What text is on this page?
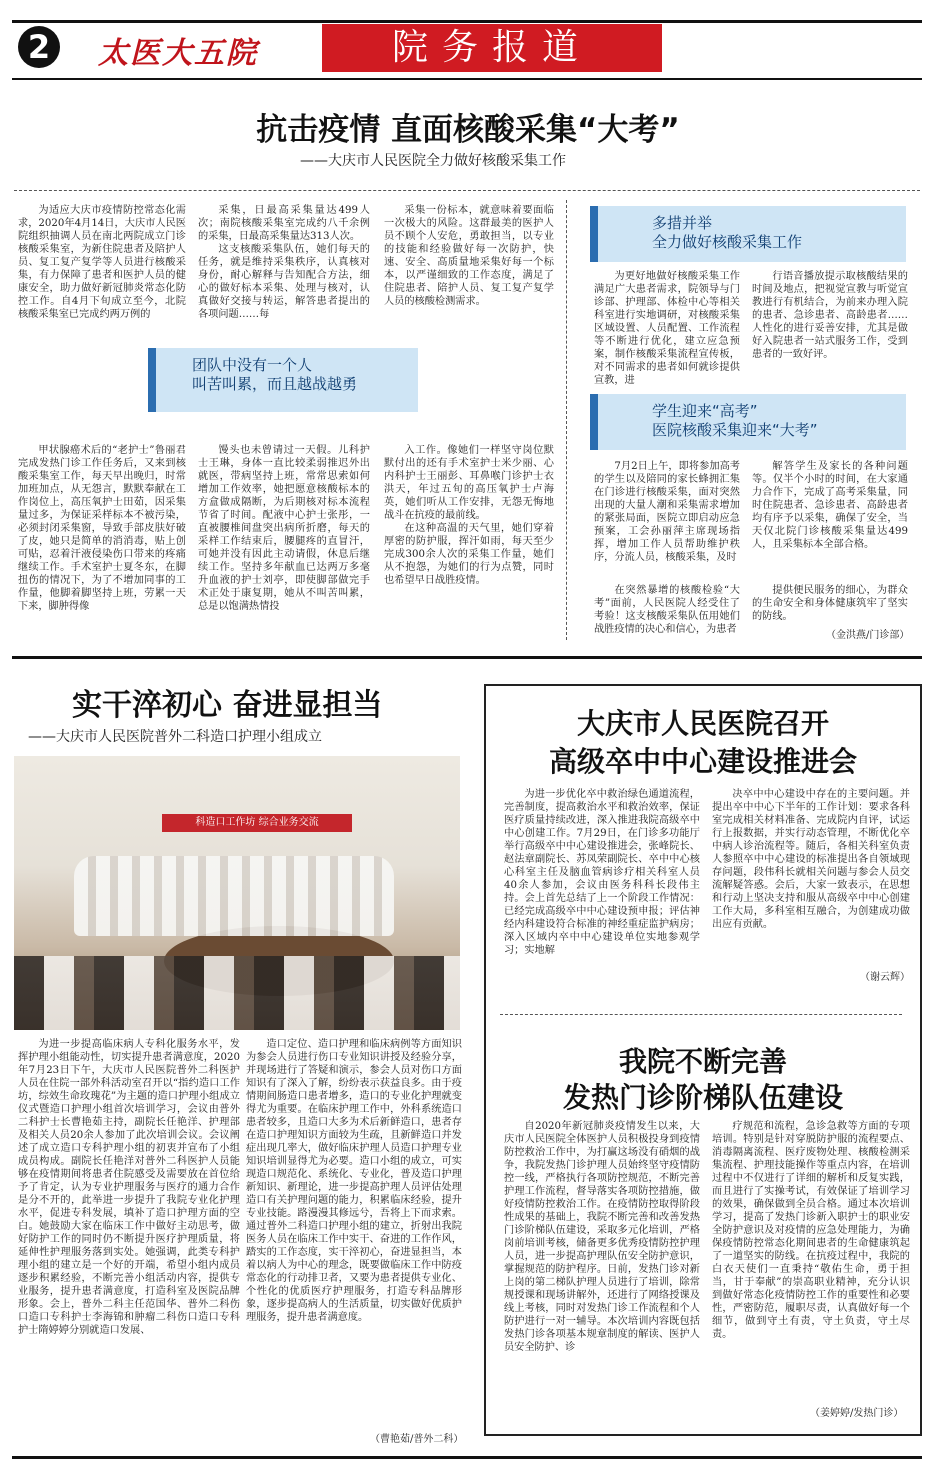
2	太医大五院	院务报道
抗击疫情 直面核酸采集“大考”
——大庆市人民医院全力做好核酸采集工作

为适应大庆市疫情防控常态化需求，2020年4月14日，大庆市人民医院组织抽调人员在南北两院成立门诊核酸采集室，为新住院患者及陪护人员、复工复产复学等人员进行核酸采集，有力保障了患者和医护人员的健康安全，助力做好新冠肺炎常态化防控工作。自4月下旬成立至今，北院核酸采集室已完成约两万例的

采集，日最高采集量达499人次；南院核酸采集室完成约八千余例的采集，日最高采集量达313人次。

这支核酸采集队伍，她们每天的任务，就是维持采集秩序，认真核对身份，耐心解释与告知配合方法，细心的做好标本采集、处理与核对，认真做好交接与转运，解答患者提出的各项问题……每

采集一份标本，就意味着要面临一次极大的风险。这群最美的医护人员不顾个人安危，勇敢担当，以专业的技能和经验做好每一次防护，快速、安全、高质量地采集好每一个标本，以严谨细致的工作态度，满足了住院患者、陪护人员、复工复产复学人员的核酸检测需求。

团队中没有一个人
叫苦叫累，而且越战越勇

甲状腺癌术后的“老护士”鲁丽君完成发热门诊工作任务后，又来到核酸采集室工作，每天早出晚归，时常加班加点，从无怨言，默默奉献在工作岗位上，高压氧护士田茹，因采集量过多，为保证采样标本不被污染，必须封闭采集窗，导致手部皮肤好破了皮，她只是简单的消消毒，贴上创可贴，忍着汗液侵染伤口带来的疼痛继续工作。手术室护士夏冬东，在脚扭伤的情况下，为了不增加同事的工作量，他脚着脚坚持上班，劳累一天下来，脚肿得像

馒头也未曾请过一天假。儿科护士王琳，身体一直比较柔弱推迟外出就医，带病坚持上班，常常思索如何增加工作效率，她把愿意核酸标本的方盒做成隔断，为后期核对标本流程节省了时间。配液中心护士张彤，一直被腰椎间盘突出病所折磨，每天的采样工作结束后，腰腿疼的直冒汗，可她并没有因此主动请假，休息后继续工作。坚持多年献血已达两万多毫升血液的护士刘亭，即使脚部做完手术正处于康复期，她从不叫苦叫累，总是以饱满热情投

入工作。像她们一样坚守岗位默默付出的还有手术室护士米少丽、心内科护士王丽彭、耳鼻喉门诊护士衣洪天，年过五旬的高压氧护士卢海英，她们听从工作安排，无怨无悔地战斗在抗疫的最前线。

在这种高温的天气里，她们穿着厚密的防护服，挥汗如雨，每天至少完成300余人次的采集工作量，她们从不抱怨，为她们的行为点赞，同时也希望早日战胜疫情。

多措并举
全力做好核酸采集工作

为更好地做好核酸采集工作满足广大患者需求，院领导与门诊部、护理部、体检中心等相关科室进行实地调研，对核酸采集区域设置、人员配置、工作流程等不断进行优化，建立应急预案，制作核酸采集流程宣传板，对不同需求的患者如何就诊提供宣教，进

行语音播放提示取核酸结果的时间及地点，把视觉宣教与听觉宣教进行有机结合，为前来办理入院的患者、急诊患者、高龄患者……人性化的进行妥善安排，尤其是做好入院患者一站式服务工作，受到患者的一致好评。

学生迎来“高考”
医院核酸采集迎来“大考”

7月2日上午，即将参加高考的学生以及陪同的家长蜂拥汇集在门诊进行核酸采集，面对突然出现的大量人潮和采集需求增加的紧张局面，医院立即启动应急预案，工会孙丽萍主席现场指挥，增加工作人员帮助维护秩序，分流人员，核酸采集，及时

解答学生及家长的各种问题等。仅半个小时的时间，在大家通力合作下，完成了高考采集量，同时住院患者、急诊患者、高龄患者均有序予以采集，确保了安全，当天仅北院门诊核酸采集量达499人，且采集标本全部合格。

在突然暴增的核酸检验“大考”面前，人民医院人经受住了考验！这支核酸采集队伍用她们战胜疫情的决心和信心，为患者

提供便民服务的细心，为群众的生命安全和身体健康筑牢了坚实的防线。

（金洪燕/门诊部）
实干淬初心 奋进显担当
——大庆市人民医院普外二科造口护理小组成立
科造口工作坊 综合业务交流

为进一步提高临床病人专科化服务水平，发挥护理小组能动性，切实提升患者满意度，2020年7月23日下午，大庆市人民医院普外二科医护人员在住院一部外科活动室召开以“指约造口工作坊，综效生命玫瑰花”为主题的造口护理小组成立仪式暨造口护理小组首次培训学习，会议由普外二科护士长曹艳茹主持，副院长任艳洋、护理部及相关人员20余人参加了此次培训会议。会议阐述了成立造口专科护理小组的初衷并宣布了小组成员构成。副院长任艳洋对普外二科医护人员能够在疫情期间将患者住院感受及需要放在首位给予了肯定，认为专业护理服务与医疗的通力合作是分不开的，此举进一步提升了我院专业化护理水平，促进专科发展，填补了造口护理方面的空白。她鼓励大家在临床工作中做好主动思考，做好防护工作的同时仍不断提升医疗护理质量，将延伸性护理服务落到实处。她强调，此类专科护理小组的建立是一个好的开端，希望小组内成员逐步积累经验，不断完善小组活动内容，提供专业服务，提升患者满意度，打造科室及医院品牌形象。会上，普外二科主任范国华、普外二科伤口造口专科护士李海锦和肿瘤二科伤口造口专科护士隋婷婷分别就造口发展、

造口定位、造口护理和临床病例等方面知识为参会人员进行伤口专业知识讲授及经验分享，并现场进行了答疑和演示，参会人员对伤口方面知识有了深入了解，纷纷表示获益良多。由于疫情期间肠造口患者增多，造口的专业化护理就变得尤为重要。在临床护理工作中，外科系统造口患者较多，且造口大多为术后新鲜造口，患者存在造口护理知识方面较为生疏，且新鲜造口并发症出现几率大，做好临床护理人员造口护理专业知识培训显得尤为必要。造口小组的成立，可实现造口规范化、系统化、专业化，普及造口护理新知识、新理论，进一步提高护理人员评估处理造口有关护理问题的能力，积累临床经验，提升专业技能。路漫漫其修远兮，吾将上下而求索。通过普外二科造口护理小组的建立，折射出我院医务人员在临床工作中实干、奋进的工作作风，踏实的工作态度，实干淬初心，奋进显担当，本着以病人为中心的理念，既要做临床工作中防疫常态化的行动排卫者，又要为患者提供专业化、个性化的优质医疗护理服务，打造专科品牌形象，逐步提高病人的生活质量，切实做好优质护理服务，提升患者满意度。

（曹艳茹/普外二科）
大庆市人民医院召开
高级卒中中心建设推进会

为进一步优化卒中救治绿色通道流程，完善制度，提高救治水平和救治效率，保证医疗质量持续改进，深入推进我院高级卒中中心创建工作。7月29日，在门诊多功能厅举行高级卒中中心建设推进会，张峰院长、赵法章副院长、苏凤荣副院长、卒中中心核心科室主任及脑血管病诊疗相关科室人员40余人参加，会议由医务科科长段伟主持。会上首先总结了上一个阶段工作情况：已经完成高级卒中中心建设预申报；评估神经内科建设符合标准的神经重症监护病房；深入区域内卒中中心建设单位实地参观学习；实地解

决卒中中心建设中存在的主要问题。并提出卒中中心下半年的工作计划：要求各科室完成相关材料准备、完成院内自评，试运行上报数据，并实行动态管理，不断优化卒中病人诊治流程等。随后，各相关科室负责人参照卒中中心建设的标准提出各自领域现存问题，段伟科长就相关问题与参会人员交流解疑答惑。会后，大家一致表示，在思想和行动上坚决支持和服从高级卒中中心创建工作大局，多科室相互融合，为创建成功做出应有贡献。

（谢云辉）
我院不断完善
发热门诊阶梯队伍建设

自2020年新冠肺炎疫情发生以来，大庆市人民医院全体医护人员积极投身到疫情防控救治工作中，为打赢这场没有硝烟的战争，我院发热门诊护理人员始终坚守疫情防控一线，严格执行各项防控规范，不断完善护理工作流程，督导落实各项防控措施，做好疫情防控救治工作。在疫情防控取得阶段性成果的基础上，我院不断完善和改善发热门诊阶梯队伍建设，采取多元化培训，严格岗前培训考核，储备更多优秀疫情防控护理人员，进一步提高护理队伍安全防护意识，掌握规范的防护程序。日前，发热门诊对新上岗的第二梯队护理人员进行了培训，除常规授课和现场讲解外，还进行了网络授课及线上考核，同时对发热门诊工作流程和个人防护进行一对一辅导。本次培训内容既包括发热门诊各项基本规章制度的解读、医护人员安全防护、诊

疗规范和流程，急诊急救等方面的专项培训。特别是针对穿脱防护服的流程要点、消毒隔离流程、医疗废物处理、核酸检测采集流程、护理技能操作等重点内容，在培训过程中不仅进行了详细的解析和反复实践，而且进行了实操考试，有效保证了培训学习的效果，确保做到全员合格。通过本次培训学习，提高了发热门诊新入职护士的职业安全防护意识及对疫情的应急处理能力，为确保疫情防控常态化期间患者的生命健康筑起了一道坚实的防线。在抗疫过程中，我院的白衣天使们一直秉持“敬佑生命，勇于担当，甘于奉献”的崇高职业精神，充分认识到做好常态化疫情防控工作的重要性和必要性，严密防范，履职尽责，认真做好每一个细节，做到守土有责，守土负责，守土尽责。

（姜婷婷/发热门诊）
